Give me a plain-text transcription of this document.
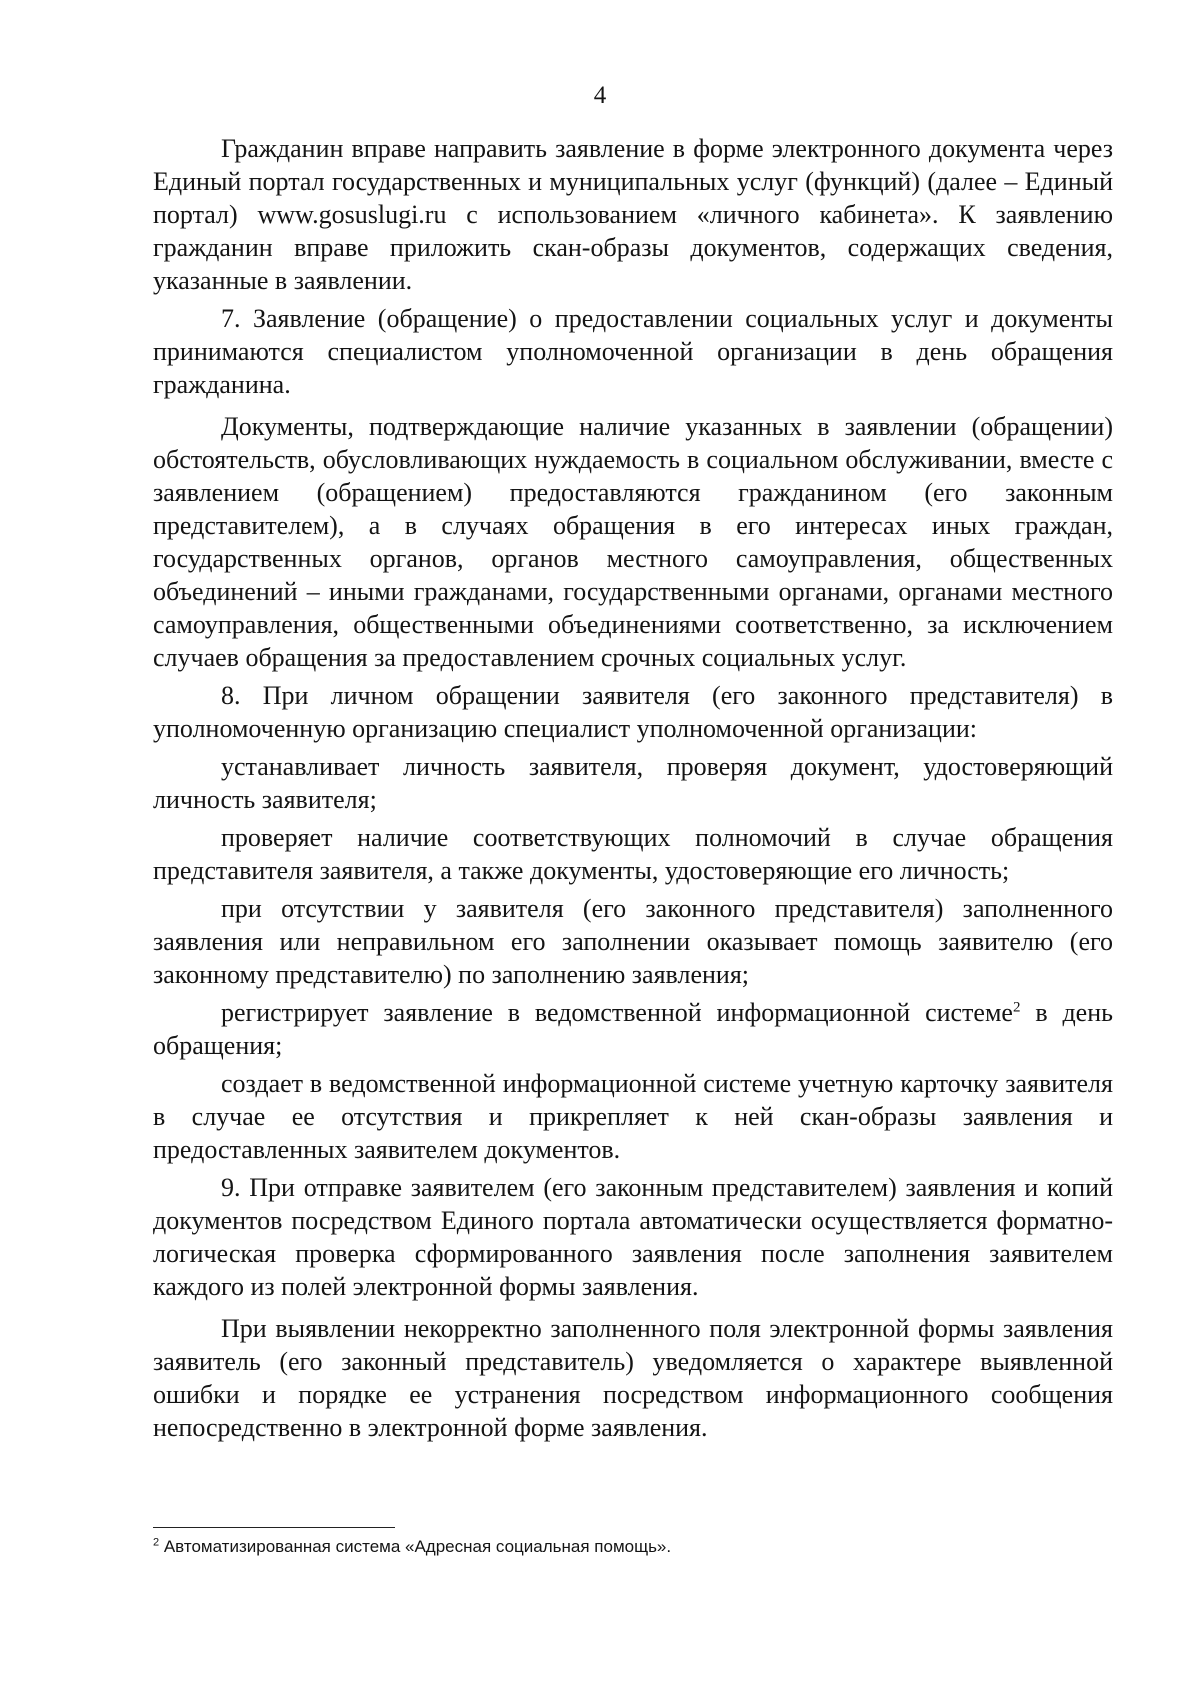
4

Гражданин вправе направить заявление в форме электронного документа через Единый портал государственных и муниципальных услуг (функций) (далее – Единый портал) www.gosuslugi.ru с использованием «личного кабинета». К заявлению гражданин вправе приложить скан-образы документов, содержащих сведения, указанные в заявлении.

7. Заявление (обращение) о предоставлении социальных услуг и документы принимаются специалистом уполномоченной организации в день обращения гражданина.

Документы, подтверждающие наличие указанных в заявлении (обращении) обстоятельств, обусловливающих нуждаемость в социальном обслуживании, вместе с заявлением (обращением) предоставляются гражданином (его законным представителем), а в случаях обращения в его интересах иных граждан, государственных органов, органов местного самоуправления, общественных объединений – иными гражданами, государственными органами, органами местного самоуправления, общественными объединениями соответственно, за исключением случаев обращения за предоставлением срочных социальных услуг.

8. При личном обращении заявителя (его законного представителя) в уполномоченную организацию специалист уполномоченной организации:

устанавливает личность заявителя, проверяя документ, удостоверяющий личность заявителя;

проверяет наличие соответствующих полномочий в случае обращения представителя заявителя, а также документы, удостоверяющие его личность;

при отсутствии у заявителя (его законного представителя) заполненного заявления или неправильном его заполнении оказывает помощь заявителю (его законному представителю) по заполнению заявления;

регистрирует заявление в ведомственной информационной системе$^2$ в день обращения;

создает в ведомственной информационной системе учетную карточку заявителя в случае ее отсутствия и прикрепляет к ней скан-образы заявления и предоставленных заявителем документов.

9. При отправке заявителем (его законным представителем) заявления и копий документов посредством Единого портала автоматически осуществляется форматно-логическая проверка сформированного заявления после заполнения заявителем каждого из полей электронной формы заявления.

При выявлении некорректно заполненного поля электронной формы заявления заявитель (его законный представитель) уведомляется о характере выявленной ошибки и порядке ее устранения посредством информационного сообщения непосредственно в электронной форме заявления.

$^2$ Автоматизированная система «Адресная социальная помощь».
